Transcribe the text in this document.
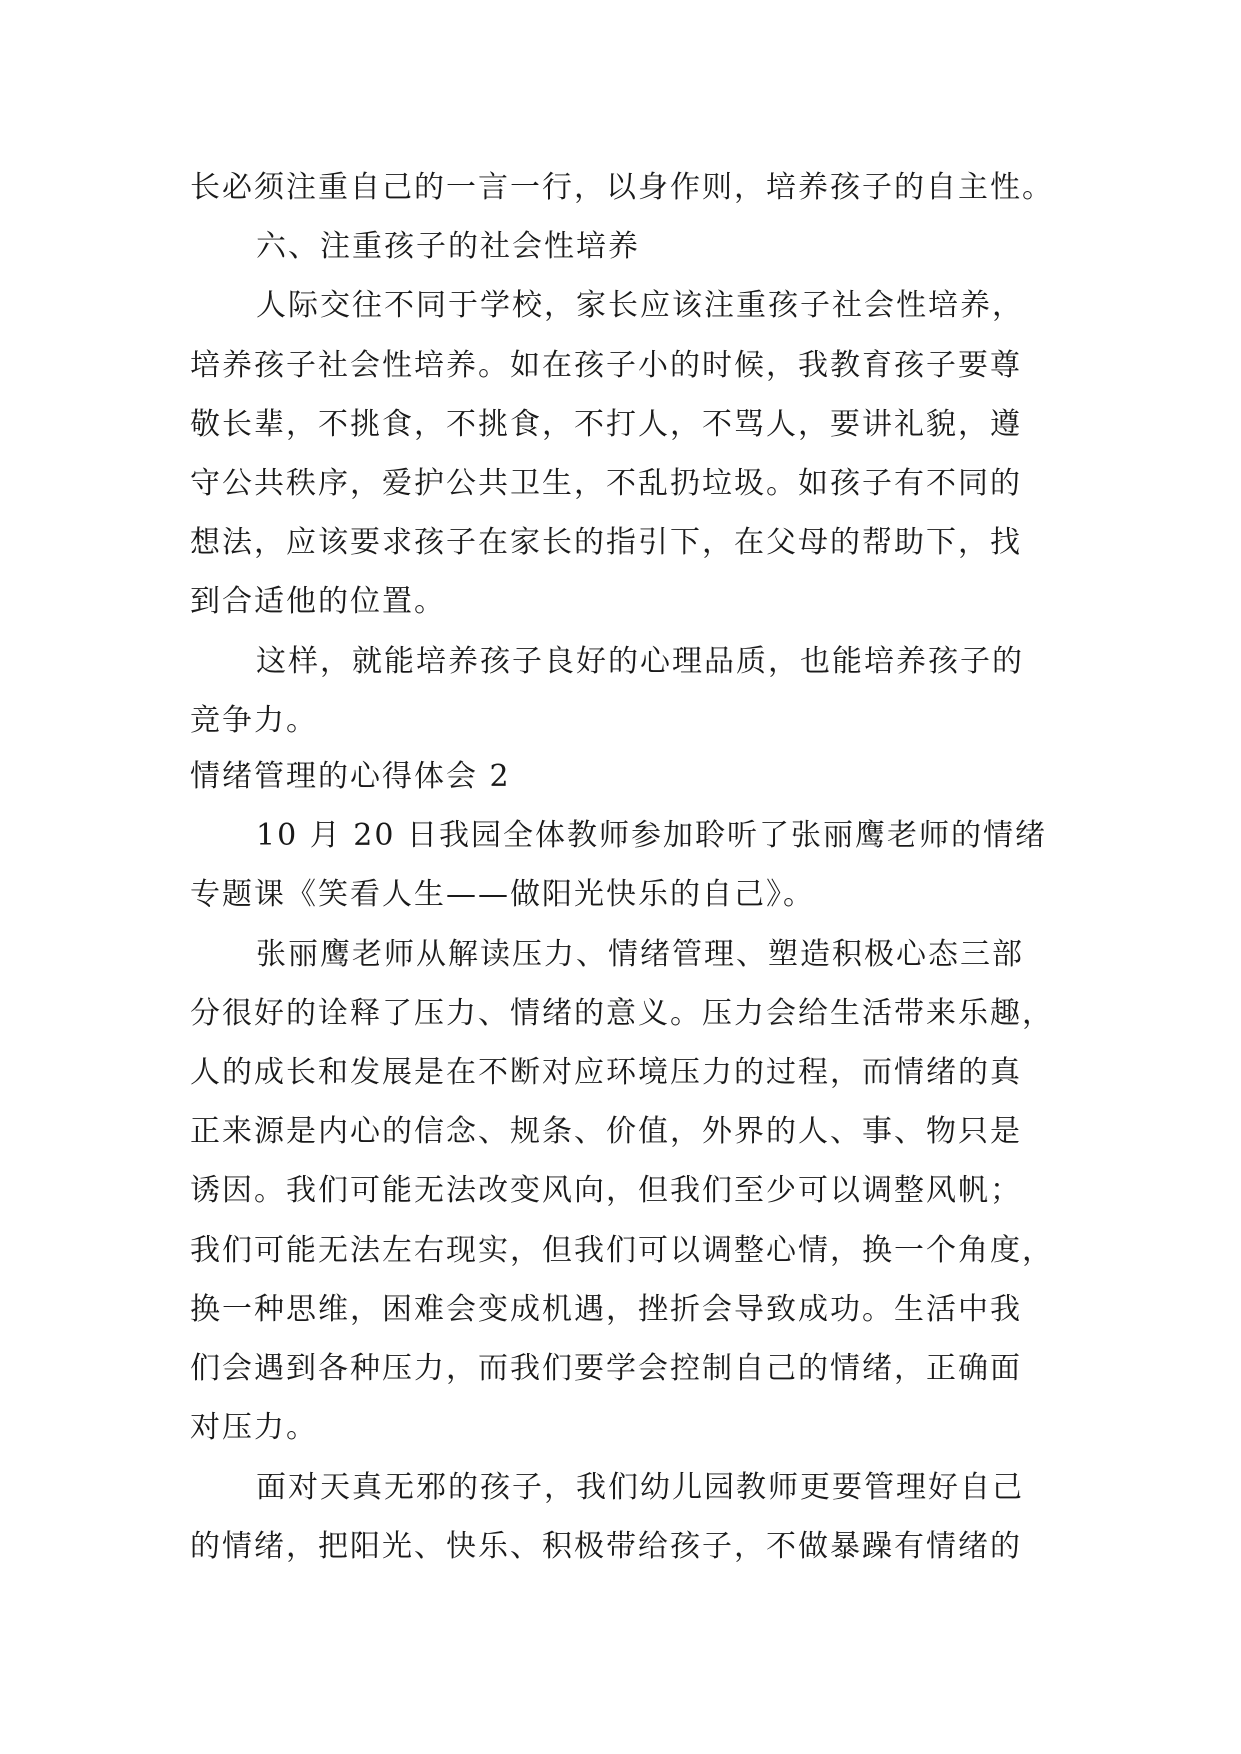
长必须注重自己的一言一行，以身作则，培养孩子的自主性。
六、注重孩子的社会性培养
人际交往不同于学校，家长应该注重孩子社会性培养，
培养孩子社会性培养。如在孩子小的时候，我教育孩子要尊
敬长辈，不挑食，不挑食，不打人，不骂人，要讲礼貌，遵
守公共秩序，爱护公共卫生，不乱扔垃圾。如孩子有不同的
想法，应该要求孩子在家长的指引下，在父母的帮助下，找
到合适他的位置。
这样，就能培养孩子良好的心理品质，也能培养孩子的
竞争力。
情绪管理的心得体会 2
10 月 20 日我园全体教师参加聆听了张丽鹰老师的情绪
专题课《笑看人生——做阳光快乐的自己》。
张丽鹰老师从解读压力、情绪管理、塑造积极心态三部
分很好的诠释了压力、情绪的意义。压力会给生活带来乐趣，
人的成长和发展是在不断对应环境压力的过程，而情绪的真
正来源是内心的信念、规条、价值，外界的人、事、物只是
诱因。我们可能无法改变风向，但我们至少可以调整风帆；
我们可能无法左右现实，但我们可以调整心情，换一个角度，
换一种思维，困难会变成机遇，挫折会导致成功。生活中我
们会遇到各种压力，而我们要学会控制自己的情绪，正确面
对压力。
面对天真无邪的孩子，我们幼儿园教师更要管理好自己
的情绪，把阳光、快乐、积极带给孩子，不做暴躁有情绪的
